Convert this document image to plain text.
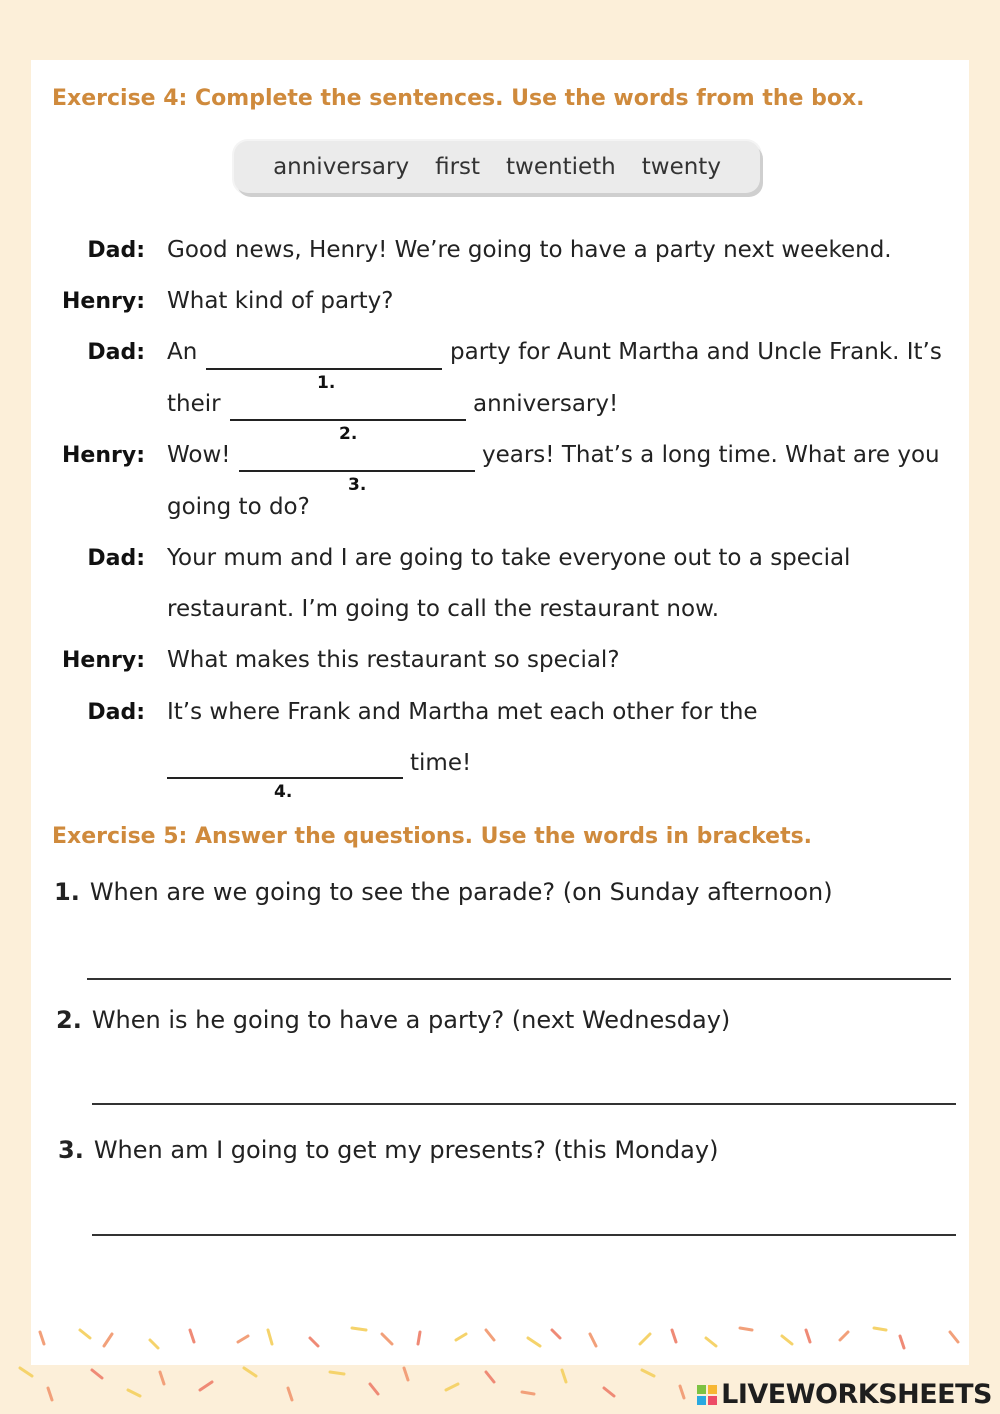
Exercise 4: Complete the sentences. Use the words from the box.
anniversary first twentieth twenty
Dad: Good news, Henry! We’re going to have a party next weekend.
Henry: What kind of party?
Dad: An
1.
party for Aunt Martha and Uncle Frank. It’s
their
2.
anniversary!
Henry: Wow!
3.
years! That’s a long time. What are you
going to do?
Dad: Your mum and I are going to take everyone out to a special
restaurant. I’m going to call the restaurant now.
Henry: What makes this restaurant so special?
Dad: It’s where Frank and Martha met each other for the
4.
time!
Exercise 5: Answer the questions. Use the words in brackets.
1. When are we going to see the parade? (on Sunday afternoon)
2. When is he going to have a party? (next Wednesday)
3. When am I going to get my presents? (this Monday)
LIVEWORKSHEETS
